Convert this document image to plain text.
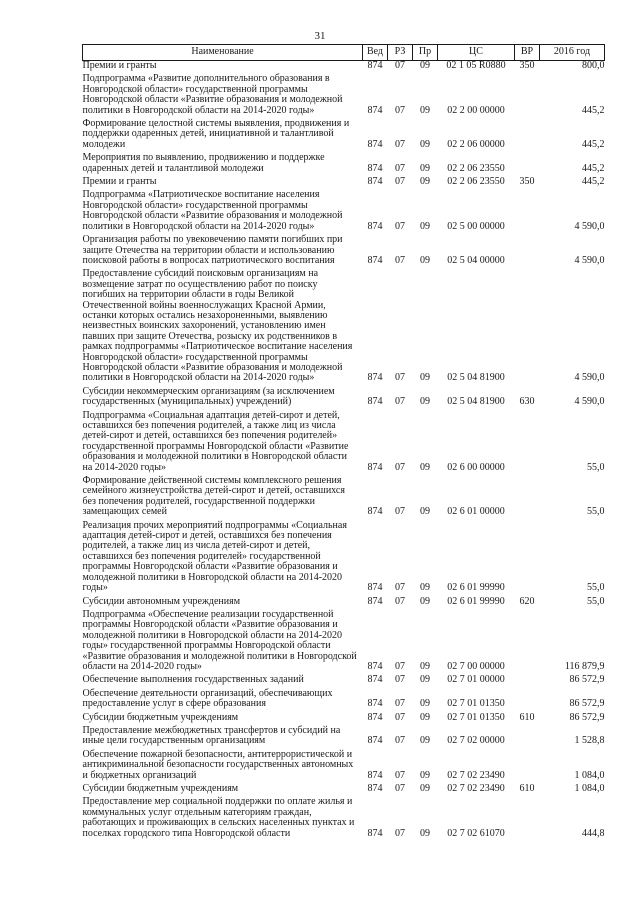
31
Наименование	Вед	РЗ	Пр	ЦС	ВР	2016 год
Премии и гранты	874	07	09	02 1 05 R0880	350	800,0
Подпрограмма «Развитие дополнительного образования в Новгородской области» государственной программы Новгородской области «Развитие образования и молодежной политики в Новгородской области на 2014-2020 годы»	874	07	09	02 2 00 00000		445,2
Формирование целостной системы выявления, продвижения и поддержки одаренных детей, инициативной и талантливой молодежи	874	07	09	02 2 06 00000		445,2
Мероприятия по выявлению, продвижению и поддержке одаренных детей и талантливой молодежи	874	07	09	02 2 06 23550		445,2
Премии и гранты	874	07	09	02 2 06 23550	350	445,2
Подпрограмма «Патриотическое воспитание населения Новгородской области» государственной программы Новгородской области «Развитие образования и молодежной политики в Новгородской области на 2014-2020 годы»	874	07	09	02 5 00 00000		4 590,0
Организация работы по увековечению памяти погибших при защите Отечества на территории области и использованию поисковой работы в вопросах патриотического воспитания	874	07	09	02 5 04 00000		4 590,0
Предоставление субсидий поисковым организациям на возмещение затрат по осуществлению работ по поиску погибших на территории области в годы Великой Отечественной войны военнослужащих Красной Армии, останки которых остались незахороненными, выявлению неизвестных воинских захоронений, установлению имен павших при защите Отечества, розыску их родственников в рамках подпрограммы «Патриотическое воспитание населения Новгородской области» государственной программы Новгородской области «Развитие образования и молодежной политики в Новгородской области на 2014-2020 годы»	874	07	09	02 5 04 81900		4 590,0
Субсидии некоммерческим организациям (за исключением государственных (муниципальных) учреждений)	874	07	09	02 5 04 81900	630	4 590,0
Подпрограмма «Социальная адаптация детей-сирот и детей, оставшихся без попечения родителей, а также лиц из числа детей-сирот и детей, оставшихся без попечения родителей» государственной программы Новгородской области «Развитие образования и молодежной политики в Новгородской области на 2014-2020 годы»	874	07	09	02 6 00 00000		55,0
Формирование действенной системы комплексного решения семейного жизнеустройства детей-сирот и детей, оставшихся без попечения родителей, государственной поддержки замещающих семей	874	07	09	02 6 01 00000		55,0
Реализация прочих мероприятий подпрограммы «Социальная адаптация детей-сирот и детей, оставшихся без попечения родителей, а также лиц из числа детей-сирот и детей, оставшихся без попечения родителей» государственной программы Новгородской области «Развитие образования и молодежной политики в Новгородской области на 2014-2020 годы»	874	07	09	02 6 01 99990		55,0
Субсидии автономным учреждениям	874	07	09	02 6 01 99990	620	55,0
Подпрограмма «Обеспечение реализации государственной программы Новгородской области «Развитие образования и молодежной политики в Новгородской области на 2014-2020 годы» государственной программы Новгородской области «Развитие образования и молодежной политики в Новгородской области на 2014-2020 годы»	874	07	09	02 7 00 00000		116 879,9
Обеспечение выполнения государственных заданий	874	07	09	02 7 01 00000		86 572,9
Обеспечение деятельности организаций, обеспечивающих предоставление услуг в сфере образования	874	07	09	02 7 01 01350		86 572,9
Субсидии бюджетным учреждениям	874	07	09	02 7 01 01350	610	86 572,9
Предоставление межбюджетных трансфертов и субсидий на иные цели государственным организациям	874	07	09	02 7 02 00000		1 528,8
Обеспечение пожарной безопасности, антитеррористической и антикриминальной безопасности государственных автономных и бюджетных организаций	874	07	09	02 7 02 23490		1 084,0
Субсидии бюджетным учреждениям	874	07	09	02 7 02 23490	610	1 084,0
Предоставление мер социальной поддержки по оплате жилья и коммунальных услуг отдельным категориям граждан, работающих и проживающих в сельских населенных пунктах и поселках городского типа Новгородской области	874	07	09	02 7 02 61070		444,8
